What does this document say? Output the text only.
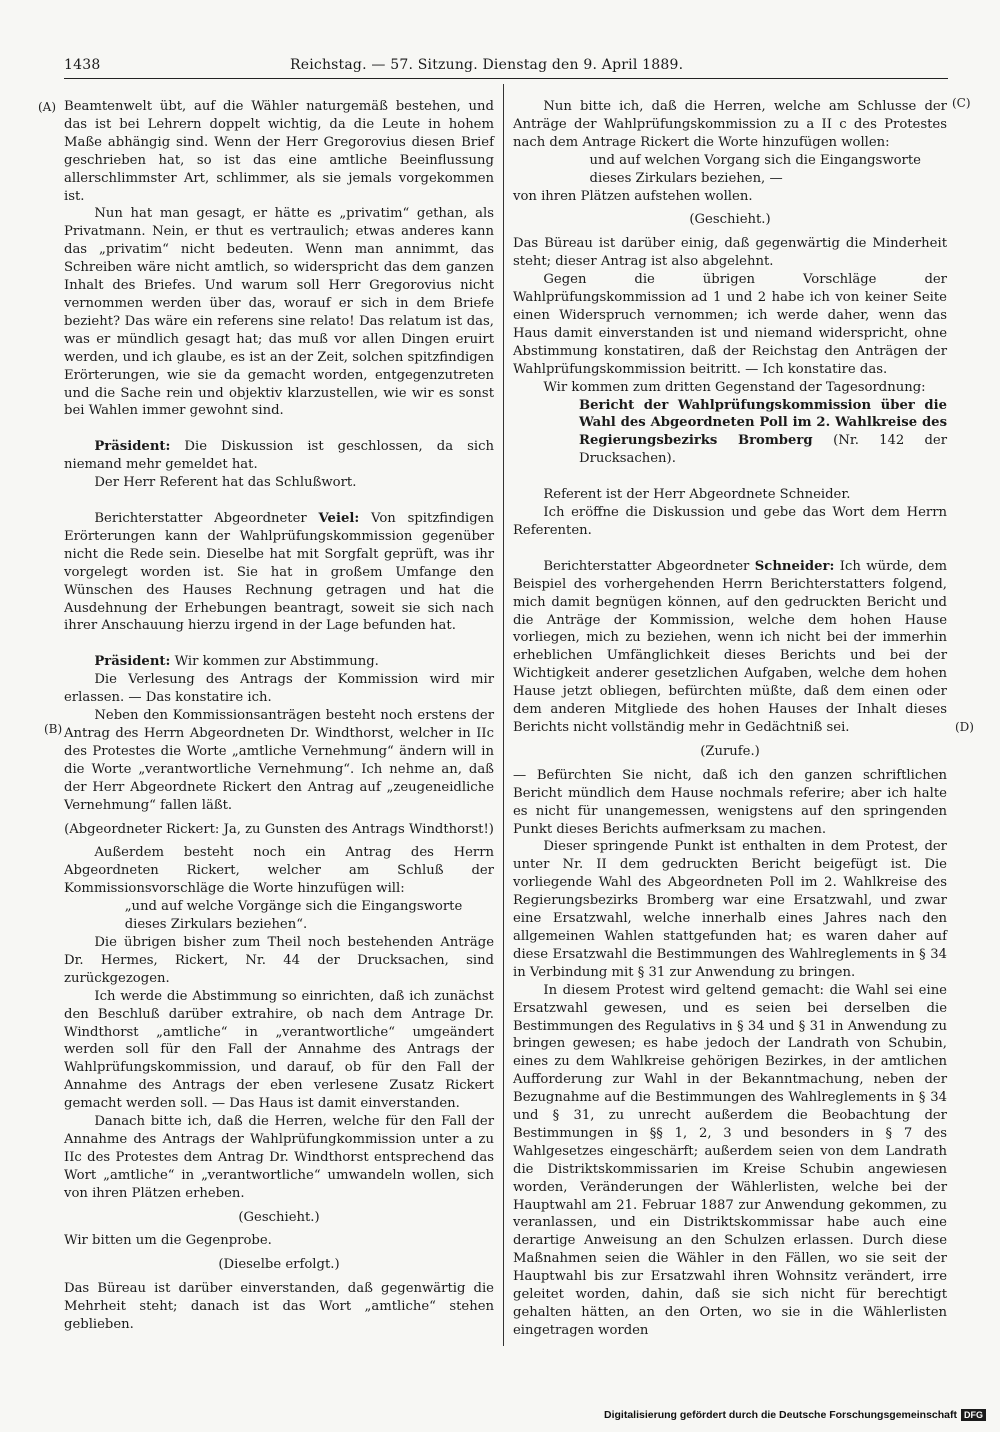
1438	Reichstag. — 57. Sitzung. Dienstag den 9. April 1889.
(A)
(B)
(C)
(D)

Beamtenwelt übt, auf die Wähler naturgemäß bestehen, und das ist bei Lehrern doppelt wichtig, da die Leute in hohem Maße abhängig sind. Wenn der Herr Gregorovius diesen Brief geschrieben hat, so ist das eine amtliche Beeinflussung allerschlimmster Art, schlimmer, als sie jemals vorgekommen ist.

Nun hat man gesagt, er hätte es „privatim“ gethan, als Privatmann. Nein, er thut es vertraulich; etwas anderes kann das „privatim“ nicht bedeuten. Wenn man annimmt, das Schreiben wäre nicht amtlich, so widerspricht das dem ganzen Inhalt des Briefes. Und warum soll Herr Gregorovius nicht vernommen werden über das, worauf er sich in dem Briefe bezieht? Das wäre ein referens sine relato! Das relatum ist das, was er mündlich gesagt hat; das muß vor allen Dingen eruirt werden, und ich glaube, es ist an der Zeit, solchen spitzfindigen Erörterungen, wie sie da gemacht worden, entgegenzutreten und die Sache rein und objektiv klarzustellen, wie wir es sonst bei Wahlen immer gewohnt sind.

Präsident: Die Diskussion ist geschlossen, da sich niemand mehr gemeldet hat.

Der Herr Referent hat das Schlußwort.

Berichterstatter Abgeordneter Veiel: Von spitzfindigen Erörterungen kann der Wahlprüfungskommission gegenüber nicht die Rede sein. Dieselbe hat mit Sorgfalt geprüft, was ihr vorgelegt worden ist. Sie hat in großem Umfange den Wünschen des Hauses Rechnung getragen und hat die Ausdehnung der Erhebungen beantragt, soweit sie sich nach ihrer Anschauung hierzu irgend in der Lage befunden hat.

Präsident: Wir kommen zur Abstimmung.

Die Verlesung des Antrags der Kommission wird mir erlassen. — Das konstatire ich.

Neben den Kommissionsanträgen besteht noch erstens der Antrag des Herrn Abgeordneten Dr. Windthorst, welcher in IIc des Protestes die Worte „amtliche Vernehmung“ ändern will in die Worte „verantwortliche Vernehmung“. Ich nehme an, daß der Herr Abgeordnete Rickert den Antrag auf „zeugeneidliche Vernehmung“ fallen läßt.

(Abgeordneter Rickert: Ja, zu Gunsten des Antrags Windthorst!)

Außerdem besteht noch ein Antrag des Herrn Abgeordneten Rickert, welcher am Schluß der Kommissionsvorschläge die Worte hinzufügen will:

„und auf welche Vorgänge sich die Eingangsworte dieses Zirkulars beziehen“.

Die übrigen bisher zum Theil noch bestehenden Anträge Dr. Hermes, Rickert, Nr. 44 der Drucksachen, sind zurückgezogen.

Ich werde die Abstimmung so einrichten, daß ich zunächst den Beschluß darüber extrahire, ob nach dem Antrage Dr. Windthorst „amtliche“ in „verantwortliche“ umgeändert werden soll für den Fall der Annahme des Antrags der Wahlprüfungskommission, und darauf, ob für den Fall der Annahme des Antrags der eben verlesene Zusatz Rickert gemacht werden soll. — Das Haus ist damit einverstanden.

Danach bitte ich, daß die Herren, welche für den Fall der Annahme des Antrags der Wahlprüfungkommission unter a zu IIc des Protestes dem Antrag Dr. Windthorst entsprechend das Wort „amtliche“ in „verantwortliche“ umwandeln wollen, sich von ihren Plätzen erheben.

(Geschieht.)

Wir bitten um die Gegenprobe.

(Dieselbe erfolgt.)

Das Büreau ist darüber einverstanden, daß gegenwärtig die Mehrheit steht; danach ist das Wort „amtliche“ stehen geblieben.

Nun bitte ich, daß die Herren, welche am Schlusse der Anträge der Wahlprüfungskommission zu a II c des Protestes nach dem Antrage Rickert die Worte hinzufügen wollen:

und auf welchen Vorgang sich die Eingangsworte dieses Zirkulars beziehen, —

von ihren Plätzen aufstehen wollen.

(Geschieht.)

Das Büreau ist darüber einig, daß gegenwärtig die Minderheit steht; dieser Antrag ist also abgelehnt.

Gegen die übrigen Vorschläge der Wahlprüfungskommission ad 1 und 2 habe ich von keiner Seite einen Widerspruch vernommen; ich werde daher, wenn das Haus damit einverstanden ist und niemand widerspricht, ohne Abstimmung konstatiren, daß der Reichstag den Anträgen der Wahlprüfungskommission beitritt. — Ich konstatire das.

Wir kommen zum dritten Gegenstand der Tagesordnung:

Bericht der Wahlprüfungskommission über die Wahl des Abgeordneten Poll im 2. Wahlkreise des Regierungsbezirks Bromberg (Nr. 142 der Drucksachen).

Referent ist der Herr Abgeordnete Schneider.

Ich eröffne die Diskussion und gebe das Wort dem Herrn Referenten.

Berichterstatter Abgeordneter Schneider: Ich würde, dem Beispiel des vorhergehenden Herrn Berichterstatters folgend, mich damit begnügen können, auf den gedruckten Bericht und die Anträge der Kommission, welche dem hohen Hause vorliegen, mich zu beziehen, wenn ich nicht bei der immerhin erheblichen Umfänglichkeit dieses Berichts und bei der Wichtigkeit anderer gesetzlichen Aufgaben, welche dem hohen Hause jetzt obliegen, befürchten müßte, daß dem einen oder dem anderen Mitgliede des hohen Hauses der Inhalt dieses Berichts nicht vollständig mehr in Gedächtniß sei.

(Zurufe.)

— Befürchten Sie nicht, daß ich den ganzen schriftlichen Bericht mündlich dem Hause nochmals referire; aber ich halte es nicht für unangemessen, wenigstens auf den springenden Punkt dieses Berichts aufmerksam zu machen.

Dieser springende Punkt ist enthalten in dem Protest, der unter Nr. II dem gedruckten Bericht beigefügt ist. Die vorliegende Wahl des Abgeordneten Poll im 2. Wahlkreise des Regierungsbezirks Bromberg war eine Ersatzwahl, und zwar eine Ersatzwahl, welche innerhalb eines Jahres nach den allgemeinen Wahlen stattgefunden hat; es waren daher auf diese Ersatzwahl die Bestimmungen des Wahlreglements in § 34 in Verbindung mit § 31 zur Anwendung zu bringen.

In diesem Protest wird geltend gemacht: die Wahl sei eine Ersatzwahl gewesen, und es seien bei derselben die Bestimmungen des Regulativs in § 34 und § 31 in Anwendung zu bringen gewesen; es habe jedoch der Landrath von Schubin, eines zu dem Wahlkreise gehörigen Bezirkes, in der amtlichen Aufforderung zur Wahl in der Bekanntmachung, neben der Bezugnahme auf die Bestimmungen des Wahlreglements in § 34 und § 31, zu unrecht außerdem die Beobachtung der Bestimmungen in §§ 1, 2, 3 und besonders in § 7 des Wahlgesetzes eingeschärft; außerdem seien von dem Landrath die Distriktskommissarien im Kreise Schubin angewiesen worden, Veränderungen der Wählerlisten, welche bei der Hauptwahl am 21. Februar 1887 zur Anwendung gekommen, zu veranlassen, und ein Distriktskommissar habe auch eine derartige Anweisung an den Schulzen erlassen. Durch diese Maßnahmen seien die Wähler in den Fällen, wo sie seit der Hauptwahl bis zur Ersatzwahl ihren Wohnsitz verändert, irre geleitet worden, dahin, daß sie sich nicht für berechtigt gehalten hätten, an den Orten, wo sie in die Wählerlisten eingetragen worden

Digitalisierung gefördert durch die Deutsche Forschungsgemeinschaft DFG
